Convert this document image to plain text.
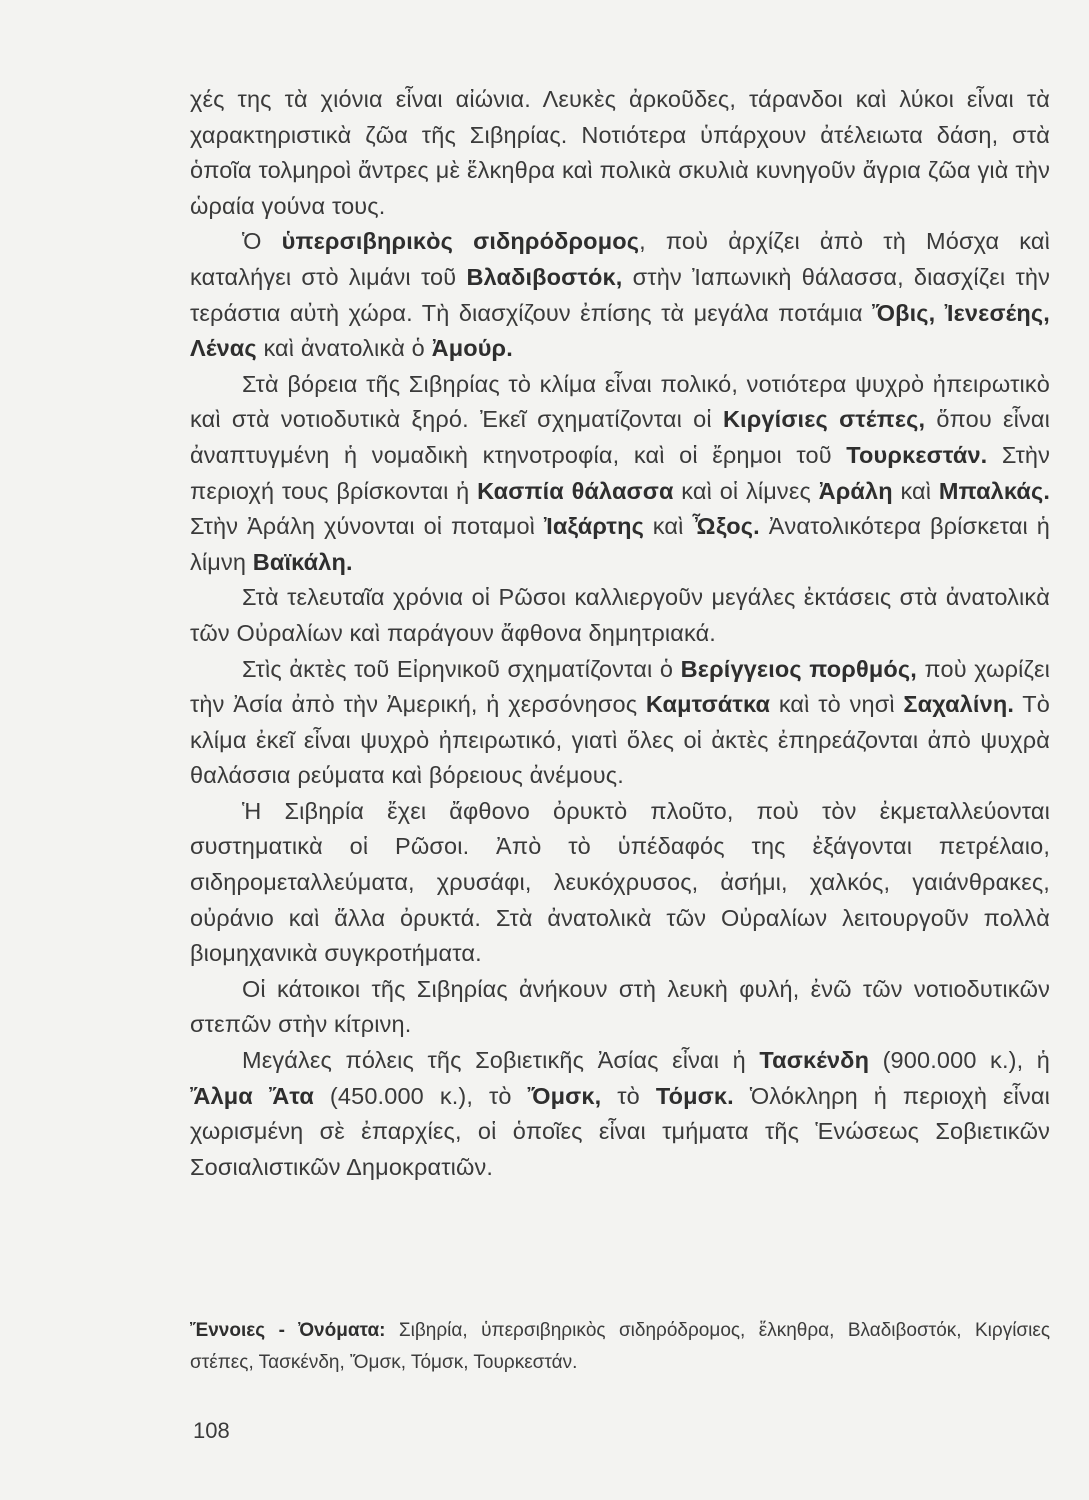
χές της τὰ χιόνια εἶναι αἰώνια. Λευκὲς ἀρκοῦδες, τάρανδοι καὶ λύκοι εἶναι τὰ χαρακτηριστικὰ ζῶα τῆς Σιβηρίας. Νοτιότερα ὑπάρχουν ἀτέλειωτα δάση, στὰ ὁποῖα τολμηροὶ ἄντρες μὲ ἕλκηθρα καὶ πολικὰ σκυλιὰ κυνηγοῦν ἄγρια ζῶα γιὰ τὴν ὡραία γούνα τους.

Ὁ ὑπερσιβηρικὸς σιδηρόδρομος, ποὺ ἀρχίζει ἀπὸ τὴ Μόσχα καὶ καταλήγει στὸ λιμάνι τοῦ Βλαδιβοστόκ, στὴν Ἰαπωνικὴ θάλασσα, διασχίζει τὴν τεράστια αὐτὴ χώρα. Τὴ διασχίζουν ἐπίσης τὰ μεγάλα ποτάμια Ὄβις, Ἰενεσέης, Λένας καὶ ἀνατολικὰ ὁ Ἀμούρ.

Στὰ βόρεια τῆς Σιβηρίας τὸ κλίμα εἶναι πολικό, νοτιότερα ψυχρὸ ἠπειρωτικὸ καὶ στὰ νοτιοδυτικὰ ξηρό. Ἐκεῖ σχηματίζονται οἱ Κιργίσιες στέπες, ὅπου εἶναι ἀναπτυγμένη ἡ νομαδικὴ κτηνοτροφία, καὶ οἱ ἔρημοι τοῦ Τουρκεστάν. Στὴν περιοχή τους βρίσκονται ἡ Κασπία θάλασσα καὶ οἱ λίμνες Ἀράλη καὶ Μπαλκάς. Στὴν Ἀράλη χύνονται οἱ ποταμοὶ Ἰαξάρτης καὶ Ὦξος. Ἀνατολικότερα βρίσκεται ἡ λίμνη Βαϊκάλη.

Στὰ τελευταῖα χρόνια οἱ Ρῶσοι καλλιεργοῦν μεγάλες ἐκτάσεις στὰ ἀνατολικὰ τῶν Οὐραλίων καὶ παράγουν ἄφθονα δημητριακά.

Στὶς ἀκτὲς τοῦ Εἰρηνικοῦ σχηματίζονται ὁ Βερίγγειος πορθμός, ποὺ χωρίζει τὴν Ἀσία ἀπὸ τὴν Ἀμερική, ἡ χερσόνησος Καμτσάτκα καὶ τὸ νησὶ Σαχαλίνη. Τὸ κλίμα ἐκεῖ εἶναι ψυχρὸ ἠπειρωτικό, γιατὶ ὅλες οἱ ἀκτὲς ἐπηρεάζονται ἀπὸ ψυχρὰ θαλάσσια ρεύματα καὶ βόρειους ἀνέμους.

Ἡ Σιβηρία ἔχει ἄφθονο ὀρυκτὸ πλοῦτο, ποὺ τὸν ἐκμεταλλεύονται συστηματικὰ οἱ Ρῶσοι. Ἀπὸ τὸ ὑπέδαφός της ἐξάγονται πετρέλαιο, σιδηρομεταλλεύματα, χρυσάφι, λευκόχρυσος, ἀσήμι, χαλκός, γαιάνθρακες, οὐράνιο καὶ ἄλλα ὀρυκτά. Στὰ ἀνατολικὰ τῶν Οὐραλίων λειτουργοῦν πολλὰ βιομηχανικὰ συγκροτήματα.

Οἱ κάτοικοι τῆς Σιβηρίας ἀνήκουν στὴ λευκὴ φυλή, ἐνῶ τῶν νοτιοδυτικῶν στεπῶν στὴν κίτρινη.

Μεγάλες πόλεις τῆς Σοβιετικῆς Ἀσίας εἶναι ἡ Τασκένδη (900.000 κ.), ἡ Ἄλμα Ἄτα (450.000 κ.), τὸ Ὄμσκ, τὸ Τόμσκ. Ὁλόκληρη ἡ περιοχὴ εἶναι χωρισμένη σὲ ἐπαρχίες, οἱ ὁποῖες εἶναι τμήματα τῆς Ἑνώσεως Σοβιετικῶν Σοσιαλιστικῶν Δημοκρατιῶν.

Ἔννοιες - Ὀνόματα: Σιβηρία, ὑπερσιβηρικὸς σιδηρόδρομος, ἕλκηθρα, Βλαδιβοστόκ, Κιργίσιες στέπες, Τασκένδη, Ὄμσκ, Τόμσκ, Τουρκεστάν.
108
